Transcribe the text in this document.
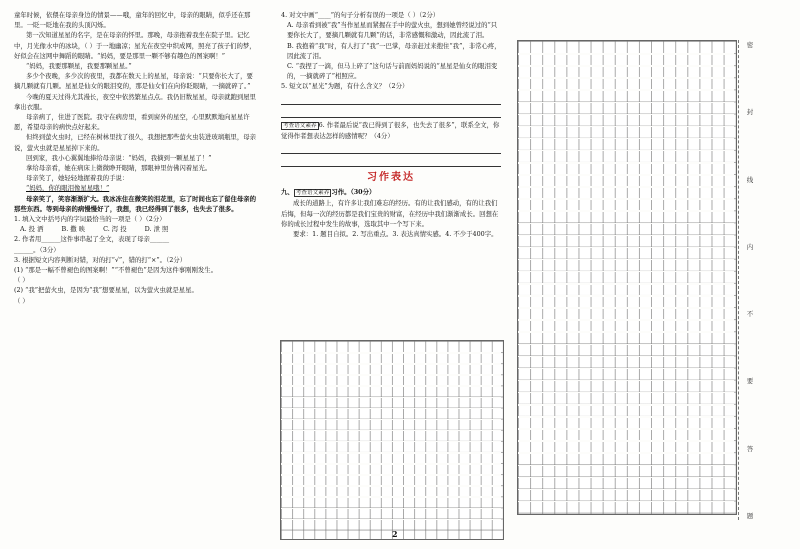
童年时候，依偎在母亲身边的情景——哦，童年的回忆中，母亲的眼睛，似乎还在那里。一眨一眨地在我的头顶闪烁。

第一次知道星星的名字，是在母亲的怀里。那晚，母亲抱着我坐在院子里。记忆中，月光像水中的冰块，（ ）于一地幽凉；星光在夜空中织成网，照亮了孩子们的梦，好似会在这网中舞蹈的眼睛。“妈妈，要是那里一颗不够有趣色的图案啊！”

“妈妈，我要那颗星，我要那颗星星。”

多少个夜晚，多少次的夜里，我都在数天上的星星，母亲说：“只要你长大了，要摘几颗就有几颗。星星是仙女的眼泪变的，那是仙女们在向你眨眼睛，一摘就碎了。”

今晚的夏天过得尤其漫长，夜空中依然繁星点点。我仍旧数星星，母亲就跑到屋里拿出衣服。

母亲病了，住进了医院。我守在病房里，看到窗外的星空，心里默默地向星星许愿，希望母亲的病快点好起来。

但终到萤火虫时，已经在树林里找了很久，我想把那些萤火虫装进玻璃瓶里，母亲说，萤火虫就是星星掉下来的。

回到家，我小心翼翼地捧给母亲说：“妈妈，我摘到一颗星星了！”

拿给母亲看，她在病床上微微睁开眼睛，那眼神里仿佛闪着星光。

母亲笑了，她轻轻地握着我的手说：

“妈妈，你的眼泪像星星哦！”

母亲笑了，笑容渐渐扩大。我冰冻住在微笑的泪花里，忘了时间也忘了留住母亲的那些东西。等到母亲的病慢慢好了，我想，我已经得到了很多，也失去了很多。

1. 填入文中括号内的字词最恰当的一项是（ ）（2分）

A. 投 洒	B. 撒 映	C. 泻 投	D. 泄 照

2. 作者用______这件事串起了全文，表现了母亲______

______。（3分）

3. 根据短文内容判断对错，对的打“√”，错的打“×”。（2分）

(1) “那是一幅不曾褪色的图案啊！”“不曾褪色”是因为这件事刚刚发生。

（ ）

(2) “我”把萤火虫，是因为“我”想要星星，以为萤火虫就是星星。

（ ）

4. 对文中画“____”的句子分析有误的一项是（ ）（2分）

A. 母亲看到被“我”当作星星而紧握在手中的萤火虫，想到她曾经说过的“只要你长大了，要摘几颗就有几颗”的话，非常感慨和激动，因此流了泪。

B. 我抱着“我”时，有人打了“我”一巴掌，母亲赶过来抱住“我”，非常心疼，因此流了泪。

C. “我捏了一滴，但马上碎了”这句话与前面妈妈说的“星星是仙女的眼泪变的，一摘就碎了”相照应。

5. 短文以“星光”为题，有什么含义？（2分）

考查语文素养 6. 作者最后说“我已得到了很多，也失去了很多”，联系全文，你觉得作者想表达怎样的感情呢？（4分）

习作表达

九、 考查语文素养 习作。（30分）

成长的道路上，有许多让我们难忘的经历。有的让我们感动，有的让我们后悔，但每一次的经历都是我们宝贵的财富，在经历中我们渐渐成长。回想在你的成长过程中发生的故事，选取其中一个写下来。

要求：1. 题目自拟。2. 写出重点。3. 表达真情实感。4. 不少于400字。

密
封
线
内
不
要
答
题
2
